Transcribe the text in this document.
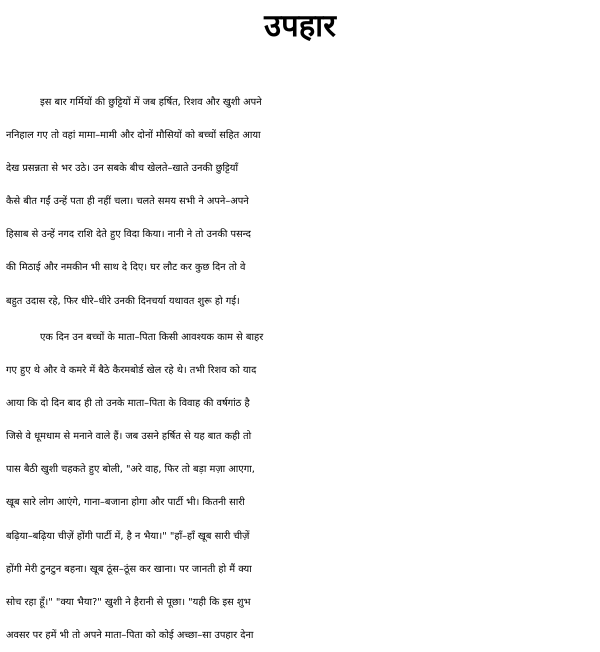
उपहार
इस बार गर्मियों की छुट्टियों में जब हर्षित, रिशव और खुशी अपने
ननिहाल गए तो वहां मामा–मामी और दोनों मौसियों को बच्चों सहित आया
देख प्रसन्नता से भर उठे। उन सबके बीच खेलते–खाते उनकी छुट्टियाँ
कैसे बीत गईं उन्हें पता ही नहीं चला। चलते समय सभी ने अपने–अपने
हिसाब से उन्हें नगद राशि देते हुए विदा किया। नानी ने तो उनकी पसन्द
की मिठाई और नमकीन भी साथ दे दिए। घर लौट कर कुछ दिन तो वे
बहुत उदास रहे, फिर धीरे–धीरे उनकी दिनचर्या यथावत शुरू हो गई।
एक दिन उन बच्चों के माता–पिता किसी आवश्यक काम से बाहर
गए हुए थे और वे कमरे में बैठे कैरमबोर्ड खेल रहे थे। तभी रिशव को याद
आया कि दो दिन बाद ही तो उनके माता–पिता के विवाह की वर्षगांठ है
जिसे वे धूमधाम से मनाने वाले हैं। जब उसने हर्षित से यह बात कही तो
पास बैठी खुशी चहकते हुए बोली, "अरे वाह, फिर तो बड़ा मज़ा आएगा,
खूब सारे लोग आएंगे, गाना–बजाना होगा और पार्टी भी। कितनी सारी
बढ़िया–बढ़िया चीज़ें होंगी पार्टी में, है न भैया।" "हाँ–हाँ खूब सारी चीज़ें
होंगी मेरी टुनटुन बहना। खूब ठूंस–ठूंस कर खाना। पर जानती हो मैं क्या
सोच रहा हूँ।" "क्या भैया?" खुशी ने हैरानी से पूछा। "यही कि इस शुभ
अवसर पर हमें भी तो अपने माता–पिता को कोई अच्छा–सा उपहार देना
